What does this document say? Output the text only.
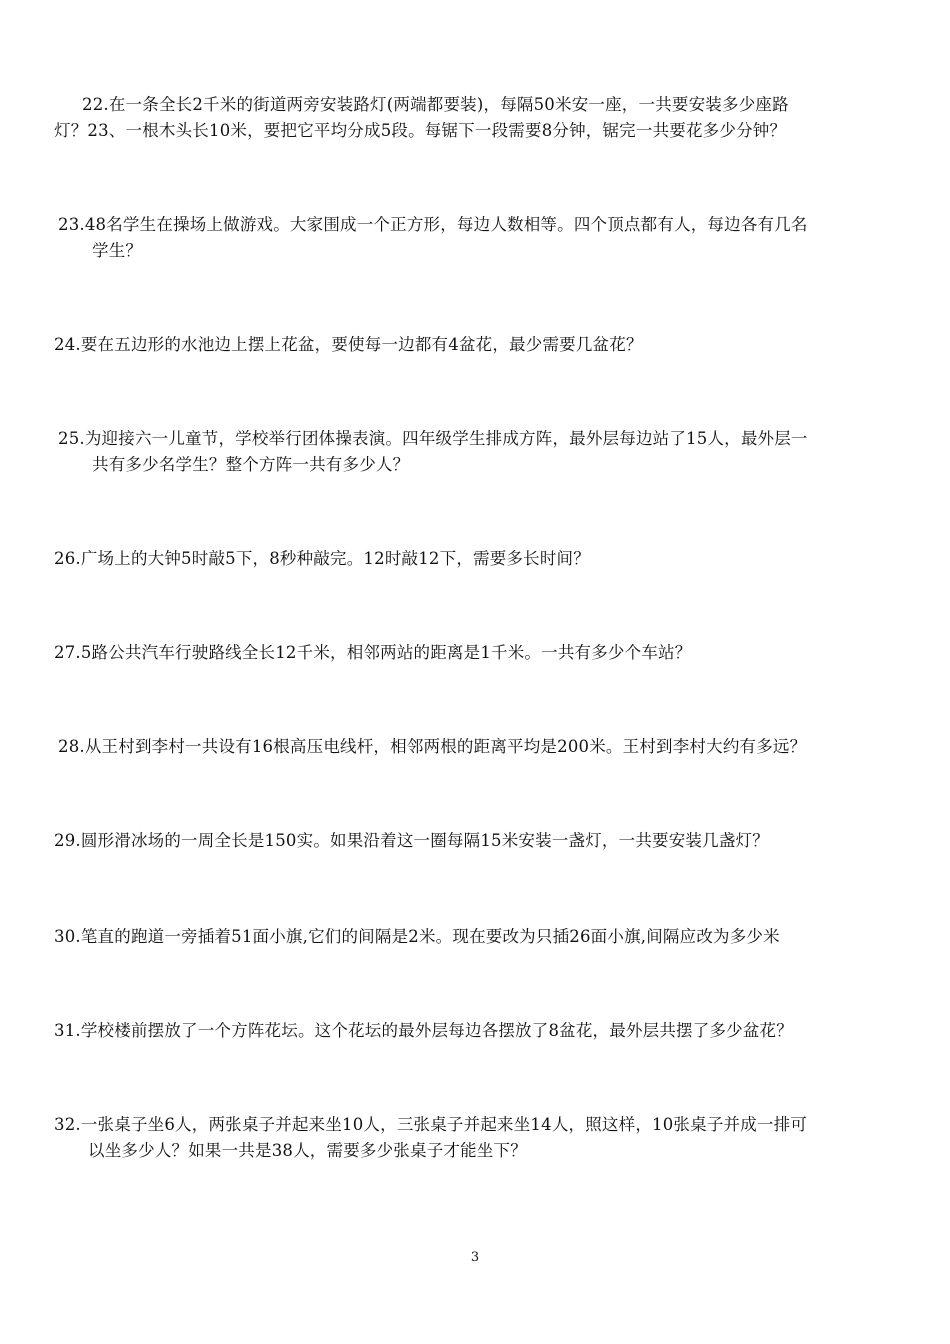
22.在一条全长2千米的街道两旁安装路灯(两端都要装)，每隔50米安一座，一共要安装多少座路
灯？23、一根木头长10米，要把它平均分成5段。每锯下一段需要8分钟，锯完一共要花多少分钟？
23.48名学生在操场上做游戏。大家围成一个正方形，每边人数相等。四个顶点都有人，每边各有几名
学生？
24.要在五边形的水池边上摆上花盆，要使每一边都有4盆花，最少需要几盆花？
25.为迎接六一儿童节，学校举行团体操表演。四年级学生排成方阵，最外层每边站了15人，最外层一
共有多少名学生？整个方阵一共有多少人？
26.广场上的大钟5时敲5下，8秒种敲完。12时敲12下，需要多长时间？
27.5路公共汽车行驶路线全长12千米，相邻两站的距离是1千米。一共有多少个车站？
28.从王村到李村一共设有16根高压电线杆，相邻两根的距离平均是200米。王村到李村大约有多远？
29.圆形滑冰场的一周全长是150实。如果沿着这一圈每隔15米安装一盏灯，一共要安装几盏灯？
30.笔直的跑道一旁插着51面小旗,它们的间隔是2米。现在要改为只插26面小旗,间隔应改为多少米
31.学校楼前摆放了一个方阵花坛。这个花坛的最外层每边各摆放了8盆花，最外层共摆了多少盆花？
32.一张桌子坐6人，两张桌子并起来坐10人，三张桌子并起来坐14人，照这样，10张桌子并成一排可
以坐多少人？如果一共是38人，需要多少张桌子才能坐下？
3
